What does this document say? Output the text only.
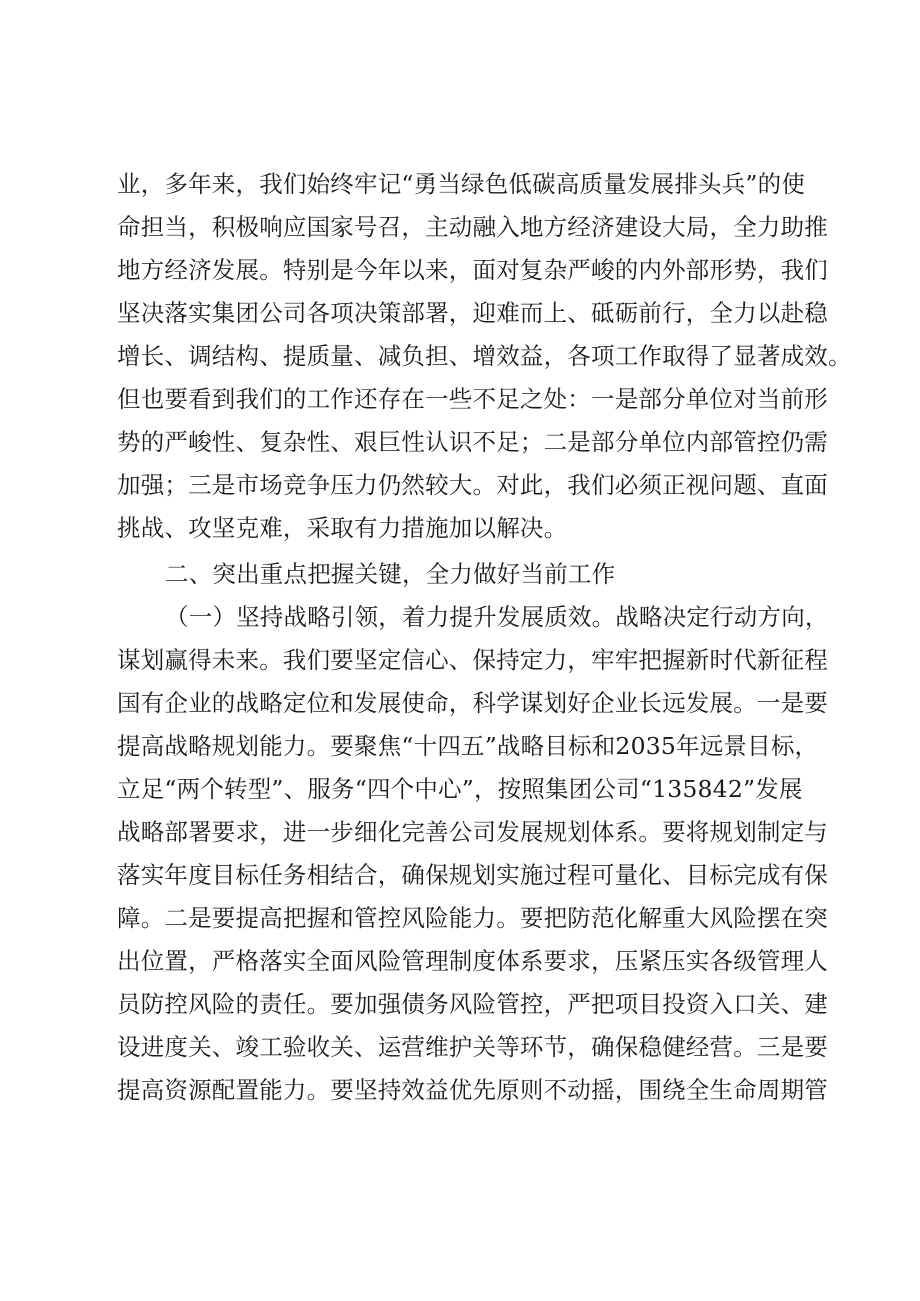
业，多年来，我们始终牢记“勇当绿色低碳高质量发展排头兵”的使

命担当，积极响应国家号召，主动融入地方经济建设大局，全力助推

地方经济发展。特别是今年以来，面对复杂严峻的内外部形势，我们

坚决落实集团公司各项决策部署，迎难而上、砥砺前行，全力以赴稳

增长、调结构、提质量、减负担、增效益，各项工作取得了显著成效。

但也要看到我们的工作还存在一些不足之处：一是部分单位对当前形

势的严峻性、复杂性、艰巨性认识不足；二是部分单位内部管控仍需

加强；三是市场竞争压力仍然较大。对此，我们必须正视问题、直面

挑战、攻坚克难，采取有力措施加以解决。

二、突出重点把握关键，全力做好当前工作

（一）坚持战略引领，着力提升发展质效。战略决定行动方向，

谋划赢得未来。我们要坚定信心、保持定力，牢牢把握新时代新征程

国有企业的战略定位和发展使命，科学谋划好企业长远发展。一是要

提高战略规划能力。要聚焦“十四五”战略目标和2035年远景目标，

立足“两个转型”、服务“四个中心”，按照集团公司“135842”发展

战略部署要求，进一步细化完善公司发展规划体系。要将规划制定与

落实年度目标任务相结合，确保规划实施过程可量化、目标完成有保

障。二是要提高把握和管控风险能力。要把防范化解重大风险摆在突

出位置，严格落实全面风险管理制度体系要求，压紧压实各级管理人

员防控风险的责任。要加强债务风险管控，严把项目投资入口关、建

设进度关、竣工验收关、运营维护关等环节，确保稳健经营。三是要

提高资源配置能力。要坚持效益优先原则不动摇，围绕全生命周期管
